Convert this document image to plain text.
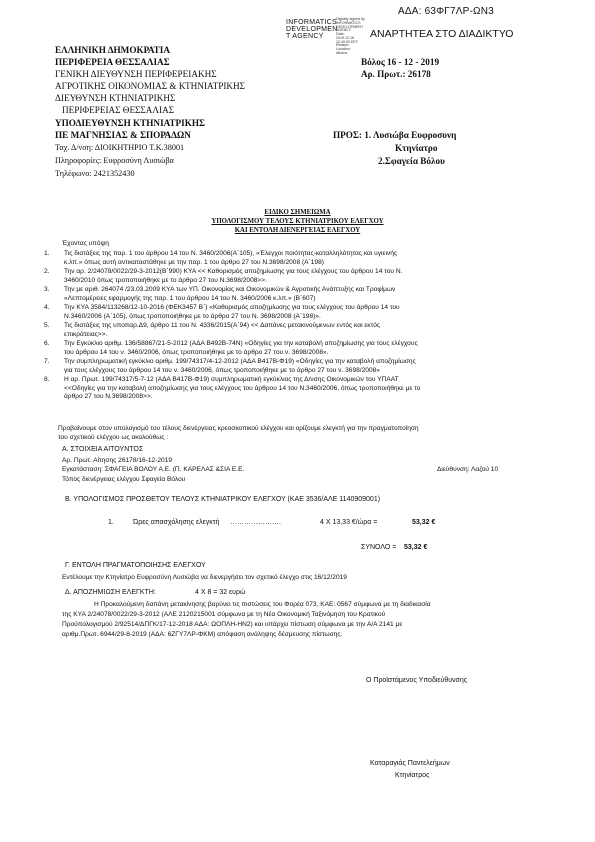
ΑΔΑ: 63ΦΓ7ΛΡ-ΩΝ3
INFORMATICS
DEVELOPMEN
T AGENCY
Digitally signed by
INFORMATICS
DEVELOPMENT
AGENCY
Date:
2019.12.16
12:40:00 EET
Reason:
Location:
Athens
ΑΝΑΡΤΗΤΕΑ ΣΤΟ ΔΙΑΔΙΚΤΥΟ
ΕΛΛΗΝΙΚΗ ΔΗΜΟΚΡΑΤΙΑ
ΠΕΡΙΦΕΡΕΙΑ ΘΕΣΣΑΛΙΑΣ
ΓΕΝΙΚΗ ΔΙΕΥΘΥΝΣΗ ΠΕΡΙΦΕΡΕΙΑΚΗΣ
ΑΓΡΟΤΙΚΗΣ ΟΙΚΟΝΟΜΙΑΣ & ΚΤΗΝΙΑΤΡΙΚΗΣ
ΔΙΕΥΘΥΝΣΗ ΚΤΗΝΙΑΤΡΙΚΗΣ
ΠΕΡΙΦΕΡΕΙΑΣ ΘΕΣΣΑΛΙΑΣ
ΥΠΟΔΙΕΥΘΥΝΣΗ ΚΤΗΝΙΑΤΡΙΚΗΣ
ΠΕ ΜΑΓΝΗΣΙΑΣ & ΣΠΟΡΑΔΩΝ
Ταχ. Δ/νση: ΔΙΟΙΚΗΤΗΡΙΟ Τ.Κ.38001
Πληροφορίες: Ευφροσύνη Λυσιώβα
Τηλέφωνο: 2421352430
Βόλος 16 - 12 - 2019
Αρ. Πρωτ.: 26178
ΠΡΟΣ: 1. Λυσιώβα Ευφροσυνη
Κτηνίατρο
2.Σφαγεία Βόλου
ΕΙΔΙΚΟ ΣΗΜΕΙΩΜΑ
ΥΠΟΛΟΓΙΣΜΟΥ ΤΕΛΟΥΣ ΚΤΗΝΙΑΤΡΙΚΟΥ ΕΛΕΓΧΟΥ
ΚΑΙ ΕΝΤΟΛΗ ΔΙΕΝΕΡΓΕΙΑΣ ΕΛΕΓΧΟΥ
Έχοντας υπόψη
1. Τις διατάξεις της παρ. 1 του άρθρου 14 του Ν. 3460/2006(Α΄105), «Έλεγχοι ποιότητας-καταλληλότητας και υγιεινής
κ.λπ.» όπως αυτή αντικαταστάθηκε με την παρ. 1 του άρθρο 27 του Ν.3698/2008 (Α΄198)
2. Την αρ. 2/24078/0022/29-3-2012(Β΄990) ΚΥΑ << Καθορισμός αποζημίωσης για τους ελέγχους του άρθρου 14 του Ν.
3460/2010 όπως τροποποιήθηκε με το άρθρο 27 του Ν.3698/2008>>.
3. Την με αριθ. 264074 /23.03.2009 ΚΥΑ των ΥΠ. Οικονομίας και Οικονομικών & Αγροτικής Ανάπτυξης και Τροφίμων
«Λεπτομέρειες εφαρμογής της παρ. 1 του άρθρου 14 του Ν. 3460/2006 κ.λπ.» (Β΄607)
4. Την ΚΥΑ 3584/113268/12-10-2016 (ΦΕΚ3457 Β΄) «Καθορισμός αποζημίωσης για τους ελέγχους του άρθρου 14 του
Ν.3460/2006 (Α΄105), όπως τροποποιήθηκε με το άρθρο 27 του Ν. 3698/2008 (Α΄198)».
5. Τις διατάξεις της υποπαρ.Δ9, άρθρο 11 του Ν. 4336/2015(Α΄94) << Δαπάνες μετακινούμενων εντός και εκτός
επικράτειας>>.
6. Την Εγκύκλιο αριθμ. 136/58867/21-5-2012 (ΑΔΑ Β492Β-74Ν) «Οδηγίες για την καταβολή αποζημίωσης για τους ελέγχους
του άρθρου 14 του ν. 3460/2006, όπως τροποποιήθηκε με το άρθρο 27 του ν. 3698/2008».
7. Την συμπληρωματική εγκύκλιο αριθμ. 199/74317/4-12-2012 (ΑΔΑ Β417Β-Φ19) «Οδηγίες για την καταβολή αποζημίωσης
για τους ελέγχους του άρθρου 14 του ν. 3460/2006, όπως τροποποιήθηκε με το άρθρο 27 του ν. 3698/2008»
8. Η αρ. Πρωτ. 199/74317/5-7-12 (ΑΔΑ Β417Β-Φ19) συμπληρωματική εγκύκλιος της Δ/νσης Οικονομικών του ΥΠΑΑΤ
<<Οδηγίες για την καταβολή αποζημίωσης για τους ελέγχους του άρθρου 14 του Ν.3460/2006, όπως τροποποιήθηκε με το
άρθρο 27 του Ν.3698/2008>>.
Προβαίνουμε στον υπολογισμό του τέλους διενέργειας κρεοσκοπικού ελέγχου και ορίζουμε ελεγκτή για την πραγματοποίηση
του σχετικού ελέγχου ως ακολούθως :
Α. ΣΤΟΙΧΕΙΑ ΑΙΤΟΥΝΤΟΣ
Αρ. Πρωτ. Αίτησης 26178/16-12-2019
Εγκατάσταση: ΣΦΑΓΕΙΑ ΒΟΛΟΥ Α.Ε. (Π. ΚΑΡΕΛΑΣ &ΣΙΑ Ε.Ε.	Διεύθυνση: Λαζού 10
Τόπος διενέργειας ελέγχου Σφαγεία Βόλου
Β. ΥΠΟΛΟΓΙΣΜΟΣ ΠΡΟΣΘΕΤΟΥ ΤΕΛΟΥΣ ΚΤΗΝΙΑΤΡΙΚΟΥ ΕΛΕΓΧΟΥ (ΚΑΕ 3536/ΑΛΕ 1140909001)
1.	Ώρες απασχόλησης ελεγκτή ………………….	4 Χ 13,33 €/ώρα =	53,32 €
ΣΥΝΟΛΟ = 53,32 €
Γ. ΕΝΤΟΛΗ ΠΡΑΓΜΑΤΟΠΟΙΗΣΗΣ ΕΛΕΓΧΟΥ
Εντέλουμε την Κτηνίατρο Ευφροσύνη Λυσιώβα να διενεργήσει τον σχετικό έλεγχο στις 16/12/2019
Δ. ΑΠΟΖΗΜΙΩΣΗ ΕΛΕΓΚΤΗ:	4 Χ 8 = 32 ευρώ
Η Προκαλούμενη δαπάνη μετακίνησης βαρύνει τις πιστώσεις του Φορέα 073, ΚΑΕ: 0567 σύμφωνα με τη διαδικασία
της ΚΥΑ 2/24078/0022/29-3-2012 (ΑΛΕ 2120215001 σύμφωνα με τη Νέα Οικονομική Ταξινόμηση του Κρατικού
Προϋπολογισμού 2/92514/ΔΠΓΚ/17-12-2018 ΑΔΑ: ΩΟΠΛΗ-ΗΝ2) και υπάρχει πίστωση σύμφωνα με την Α/Α 2141 με
αριθμ.Πρωτ. 6944/29-8-2019 (ΑΔΑ: 6ΖΓΥ7ΛΡ-ΦΚΜ) απόφαση ανάληψης δέσμευσης πίστωσης.
Ο Προϊστάμενος Υποδιεύθυνσης
Καταραγιάς Παντελεήμων
Κτηνίατρος
